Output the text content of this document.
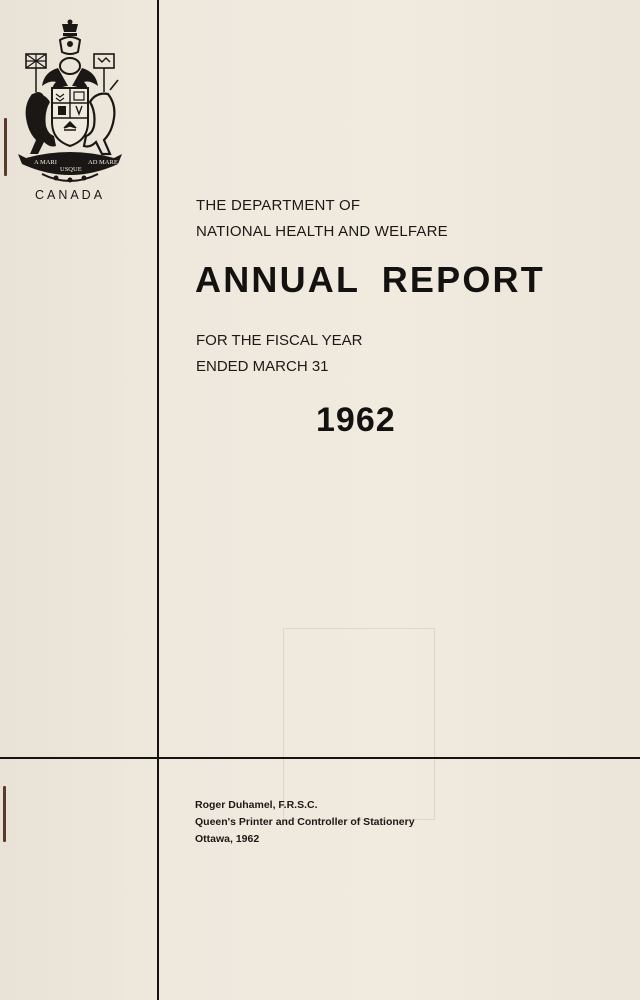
A MARI
USQUE
AD MARE
CANADA
THE DEPARTMENT OF
NATIONAL HEALTH AND WELFARE
ANNUAL REPORT
FOR THE FISCAL YEAR
ENDED MARCH 31
1962
Roger Duhamel, F.R.S.C.
Queen's Printer and Controller of Stationery
Ottawa, 1962
